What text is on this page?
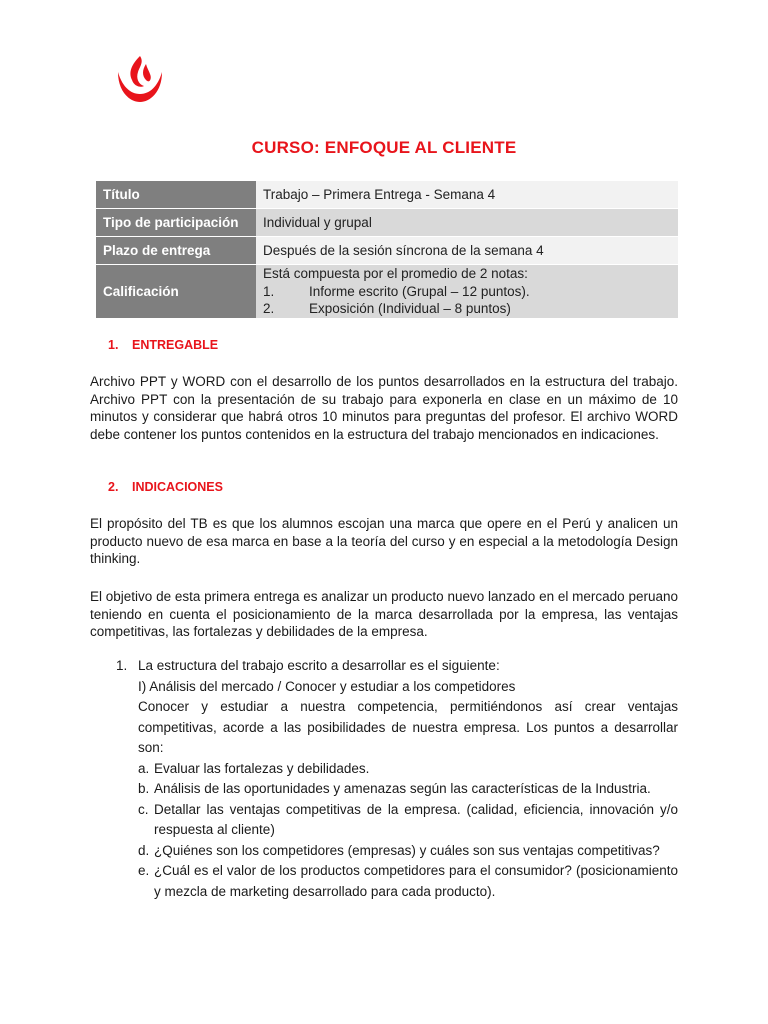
CURSO: ENFOQUE AL CLIENTE
Título	Trabajo – Primera Entrega - Semana 4
Tipo de participación	Individual y grupal
Plazo de entrega	Después de la sesión síncrona de la semana 4
Calificación	Está compuesta por el promedio de 2 notas:
1. Informe escrito (Grupal – 12 puntos).
2. Exposición (Individual – 8 puntos)
1. ENTREGABLE
Archivo PPT y WORD con el desarrollo de los puntos desarrollados en la estructura del trabajo. Archivo PPT con la presentación de su trabajo para exponerla en clase en un máximo de 10 minutos y considerar que habrá otros 10 minutos para preguntas del profesor. El archivo WORD debe contener los puntos contenidos en la estructura del trabajo mencionados en indicaciones.
2. INDICACIONES
El propósito del TB es que los alumnos escojan una marca que opere en el Perú y analicen un producto nuevo de esa marca en base a la teoría del curso y en especial a la metodología Design thinking.
El objetivo de esta primera entrega es analizar un producto nuevo lanzado en el mercado peruano teniendo en cuenta el posicionamiento de la marca desarrollada por la empresa, las ventajas competitivas, las fortalezas y debilidades de la empresa.
1. La estructura del trabajo escrito a desarrollar es el siguiente:
I) Análisis del mercado / Conocer y estudiar a los competidores
Conocer y estudiar a nuestra competencia, permitiéndonos así crear ventajas competitivas, acorde a las posibilidades de nuestra empresa. Los puntos a desarrollar son:
a. Evaluar las fortalezas y debilidades.
b. Análisis de las oportunidades y amenazas según las características de la Industria.
c. Detallar las ventajas competitivas de la empresa. (calidad, eficiencia, innovación y/o respuesta al cliente)
d. ¿Quiénes son los competidores (empresas) y cuáles son sus ventajas competitivas?
e. ¿Cuál es el valor de los productos competidores para el consumidor? (posicionamiento y mezcla de marketing desarrollado para cada producto).
